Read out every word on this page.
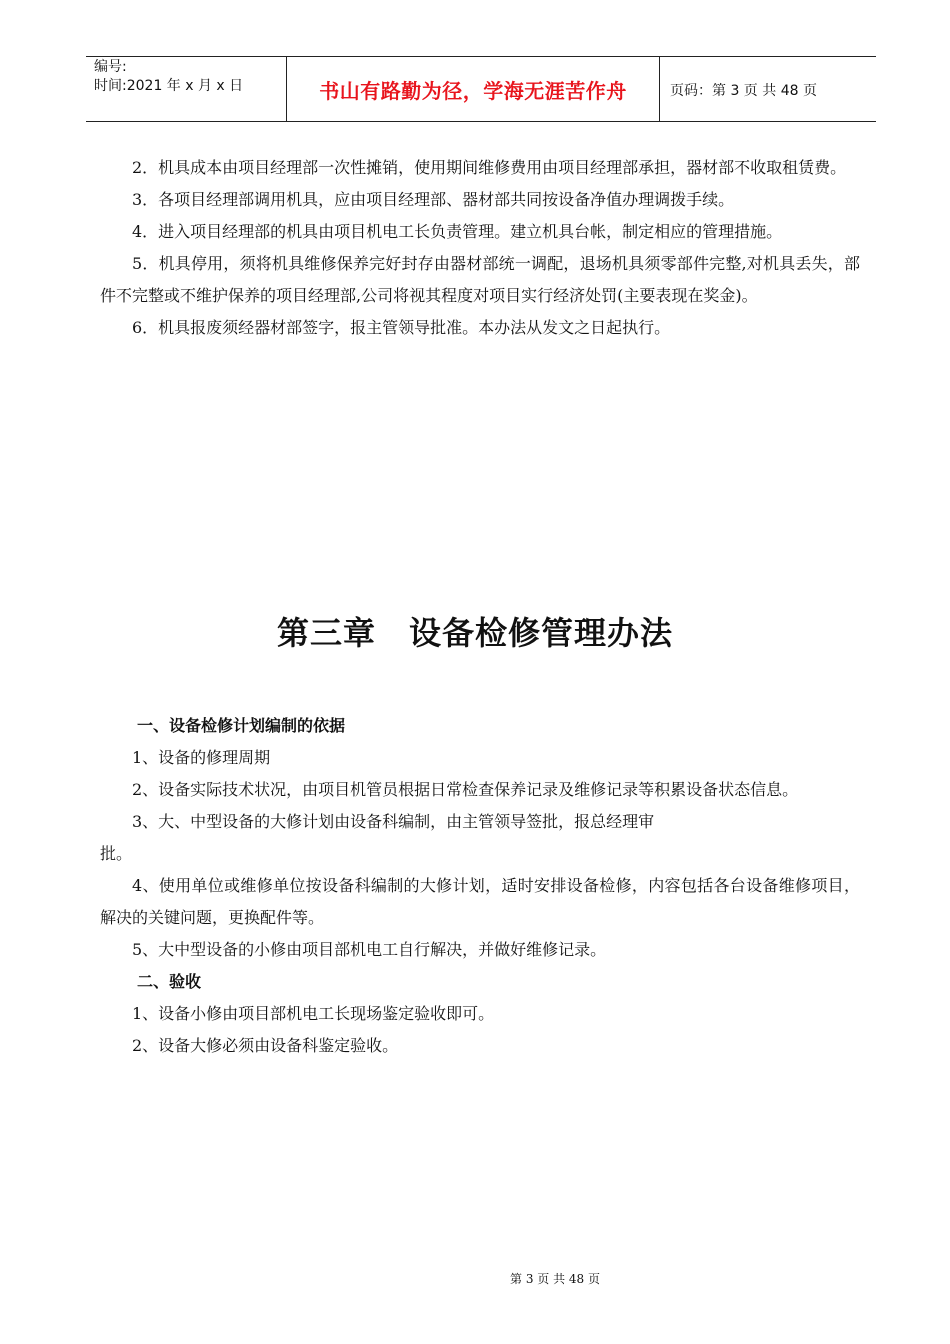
编号:
时间:2021 年 x 月 x 日	书山有路勤为径，学海无涯苦作舟	页码：第 3 页 共 48 页

2．机具成本由项目经理部一次性摊销，使用期间维修费用由项目经理部承担，器材部不收取租赁费。

3．各项目经理部调用机具，应由项目经理部、器材部共同按设备净值办理调拨手续。

4．进入项目经理部的机具由项目机电工长负责管理。建立机具台帐，制定相应的管理措施。

5．机具停用，须将机具维修保养完好封存由器材部统一调配，退场机具须零部件完整,对机具丢失，部件不完整或不维护保养的项目经理部,公司将视其程度对项目实行经济处罚(主要表现在奖金)。

6．机具报废须经器材部签字，报主管领导批准。本办法从发文之日起执行。

第三章　设备检修管理办法

一、设备检修计划编制的依据

1、设备的修理周期

2、设备实际技术状况，由项目机管员根据日常检查保养记录及维修记录等积累设备状态信息。

3、大、中型设备的大修计划由设备科编制，由主管领导签批，报总经理审

批。

4、使用单位或维修单位按设备科编制的大修计划，适时安排设备检修，内容包括各台设备维修项目，解决的关键问题，更换配件等。

5、大中型设备的小修由项目部机电工自行解决，并做好维修记录。

二、验收

1、设备小修由项目部机电工长现场鉴定验收即可。

2、设备大修必须由设备科鉴定验收。

第 3 页 共 48 页
